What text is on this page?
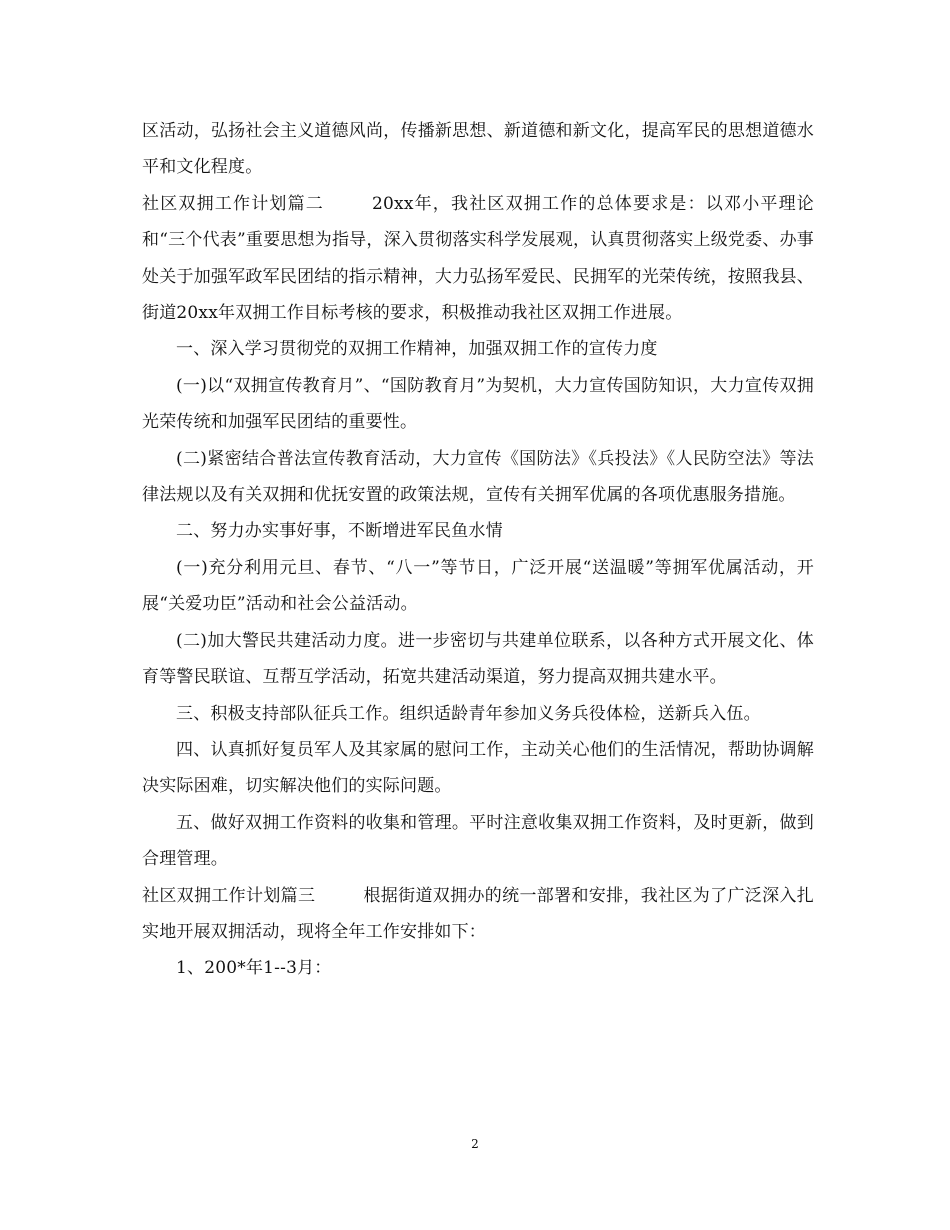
区活动，弘扬社会主义道德风尚，传播新思想、新道德和新文化，提高军民的思想道德水平和文化程度。

社区双拥工作计划篇二	20xx年，我社区双拥工作的总体要求是：以邓小平理论和“三个代表”重要思想为指导，深入贯彻落实科学发展观，认真贯彻落实上级党委、办事处关于加强军政军民团结的指示精神，大力弘扬军爱民、民拥军的光荣传统，按照我县、街道20xx年双拥工作目标考核的要求，积极推动我社区双拥工作进展。

一、深入学习贯彻党的双拥工作精神，加强双拥工作的宣传力度

(一)以“双拥宣传教育月”、“国防教育月”为契机，大力宣传国防知识，大力宣传双拥光荣传统和加强军民团结的重要性。

(二)紧密结合普法宣传教育活动，大力宣传《国防法》《兵投法》《人民防空法》等法律法规以及有关双拥和优抚安置的政策法规，宣传有关拥军优属的各项优惠服务措施。

二、努力办实事好事，不断增进军民鱼水情

(一)充分利用元旦、春节、“八一”等节日，广泛开展“送温暖”等拥军优属活动，开展“关爱功臣”活动和社会公益活动。

(二)加大警民共建活动力度。进一步密切与共建单位联系，以各种方式开展文化、体育等警民联谊、互帮互学活动，拓宽共建活动渠道，努力提高双拥共建水平。

三、积极支持部队征兵工作。组织适龄青年参加义务兵役体检，送新兵入伍。

四、认真抓好复员军人及其家属的慰问工作，主动关心他们的生活情况，帮助协调解决实际困难，切实解决他们的实际问题。

五、做好双拥工作资料的收集和管理。平时注意收集双拥工作资料，及时更新，做到合理管理。

社区双拥工作计划篇三	根据街道双拥办的统一部署和安排，我社区为了广泛深入扎实地开展双拥活动，现将全年工作安排如下：

1、200*年1--3月：

2
